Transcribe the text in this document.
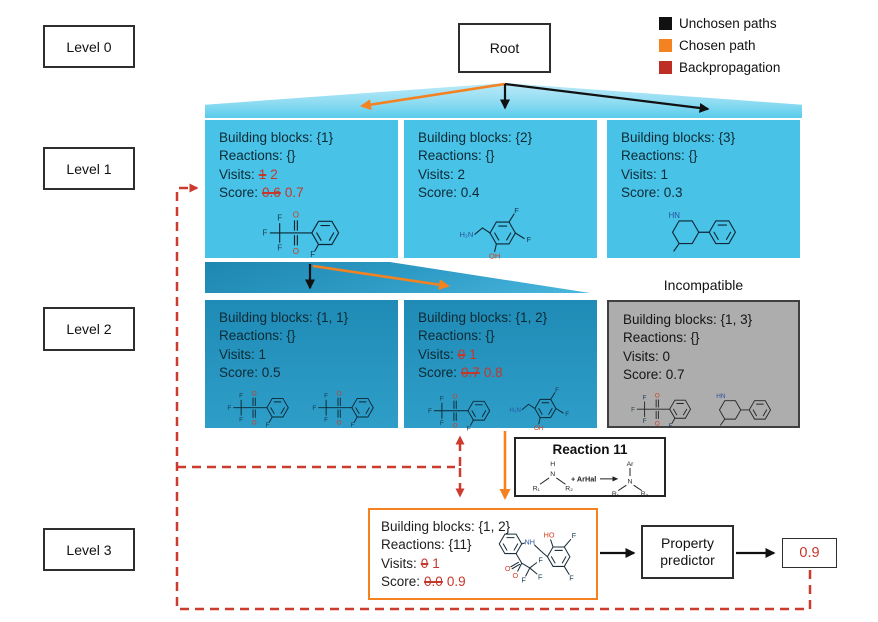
Unchosen paths
Chosen path
Backpropagation
Level 0
Level 1
Level 2
Level 3
Root
Building blocks: {1}
Reactions: {}
Visits: 1 2
Score: 0.6 0.7
Building blocks: {2}
Reactions: {}
Visits: 2
Score: 0.4
Building blocks: {3}
Reactions: {}
Visits: 1
Score: 0.3
Incompatible
Building blocks: {1, 1}
Reactions: {}
Visits: 1
Score: 0.5
Building blocks: {1, 2}
Reactions: {}
Visits: 0 1
Score: 0.7 0.8
Building blocks: {1, 3}
Reactions: {}
Visits: 0
Score: 0.7
Reaction 11
H
N
R₁	R₂
+ ArHal
Ar
N
R₁	R₂
Building blocks: {1, 2}
Reactions: {11}
Visits: 0 1
Score: 0.0 0.9
Property predictor	0.9
